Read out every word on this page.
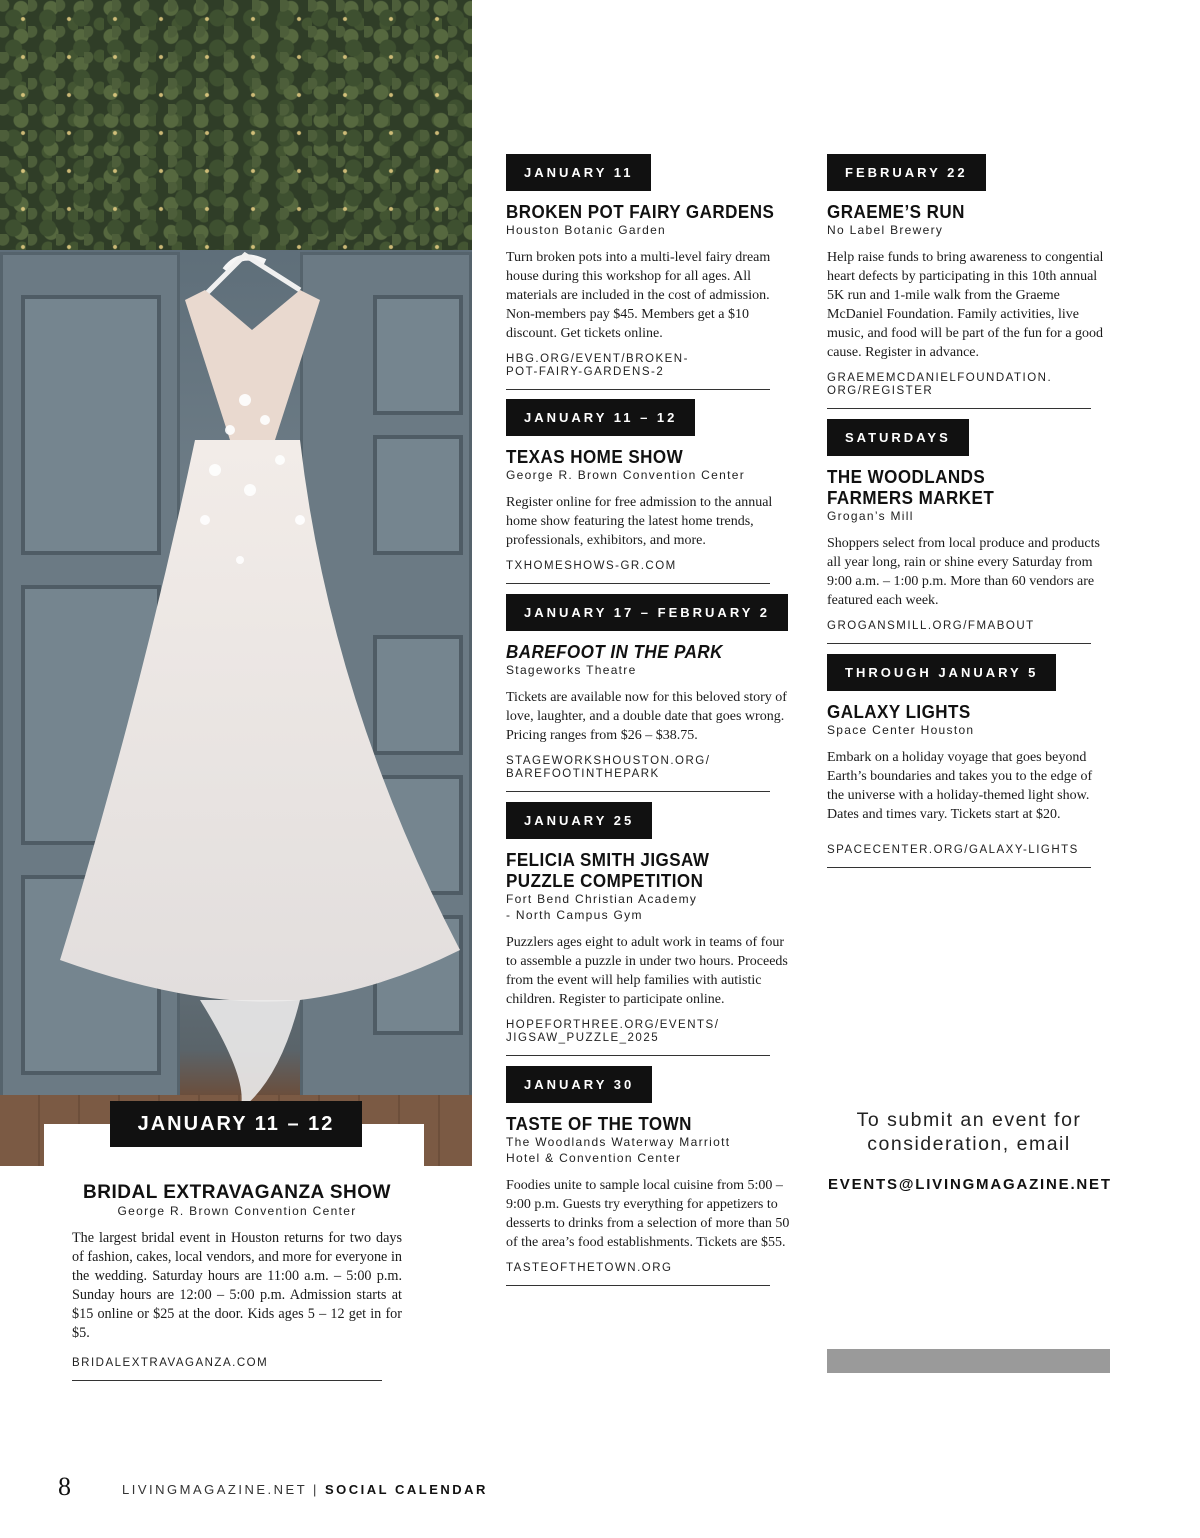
JANUARY 11 – 12
BRIDAL EXTRAVAGANZA SHOW
George R. Brown Convention Center
The largest bridal event in Houston returns for two days of fashion, cakes, local vendors, and more for everyone in the wedding. Saturday hours are 11:00 a.m. – 5:00 p.m. Sunday hours are 12:00 – 5:00 p.m. Admission starts at $15 online or $25 at the door. Kids ages 5 – 12 get in for $5.
BRIDALEXTRAVAGANZA.COM
JANUARY 11
BROKEN POT FAIRY GARDENS
Houston Botanic Garden
Turn broken pots into a multi-level fairy dream house during this workshop for all ages. All materials are included in the cost of admission. Non-members pay $45. Members get a $10 discount. Get tickets online.
HBG.ORG/EVENT/BROKEN-
POT-FAIRY-GARDENS-2
JANUARY 11 – 12
TEXAS HOME SHOW
George R. Brown Convention Center
Register online for free admission to the annual home show featuring the latest home trends, professionals, exhibitors, and more.
TXHOMESHOWS-GR.COM
JANUARY 17 – FEBRUARY 2
BAREFOOT IN THE PARK
Stageworks Theatre
Tickets are available now for this beloved story of love, laughter, and a double date that goes wrong. Pricing ranges from $26 – $38.75.
STAGEWORKSHOUSTON.ORG/
BAREFOOTINTHEPARK
JANUARY 25
FELICIA SMITH JIGSAW
PUZZLE COMPETITION
Fort Bend Christian Academy
- North Campus Gym
Puzzlers ages eight to adult work in teams of four to assemble a puzzle in under two hours. Proceeds from the event will help families with autistic children. Register to participate online.
HOPEFORTHREE.ORG/EVENTS/
JIGSAW_PUZZLE_2025
JANUARY 30
TASTE OF THE TOWN
The Woodlands Waterway Marriott
Hotel & Convention Center
Foodies unite to sample local cuisine from 5:00 – 9:00 p.m. Guests try everything for appetizers to desserts to drinks from a selection of more than 50 of the area’s food establishments. Tickets are $55.
TASTEOFTHETOWN.ORG
FEBRUARY 22
GRAEME’S RUN
No Label Brewery
Help raise funds to bring awareness to congential heart defects by participating in this 10th annual 5K run and 1-mile walk from the Graeme McDaniel Foundation. Family activities, live music, and food will be part of the fun for a good cause. Register in advance.
GRAEMEMCDANIELFOUNDATION.
ORG/REGISTER
SATURDAYS
THE WOODLANDS
FARMERS MARKET
Grogan’s Mill
Shoppers select from local produce and products all year long, rain or shine every Saturday from 9:00 a.m. – 1:00 p.m. More than 60 vendors are featured each week.
GROGANSMILL.ORG/FMABOUT
THROUGH JANUARY 5
GALAXY LIGHTS
Space Center Houston
Embark on a holiday voyage that goes beyond Earth’s boundaries and takes you to the edge of the universe with a holiday-themed light show. Dates and times vary. Tickets start at $20.
SPACECENTER.ORG/GALAXY-LIGHTS
To submit an event for consideration, email
EVENTS@LIVINGMAGAZINE.NET
8	LIVINGMAGAZINE.NET | SOCIAL CALENDAR
